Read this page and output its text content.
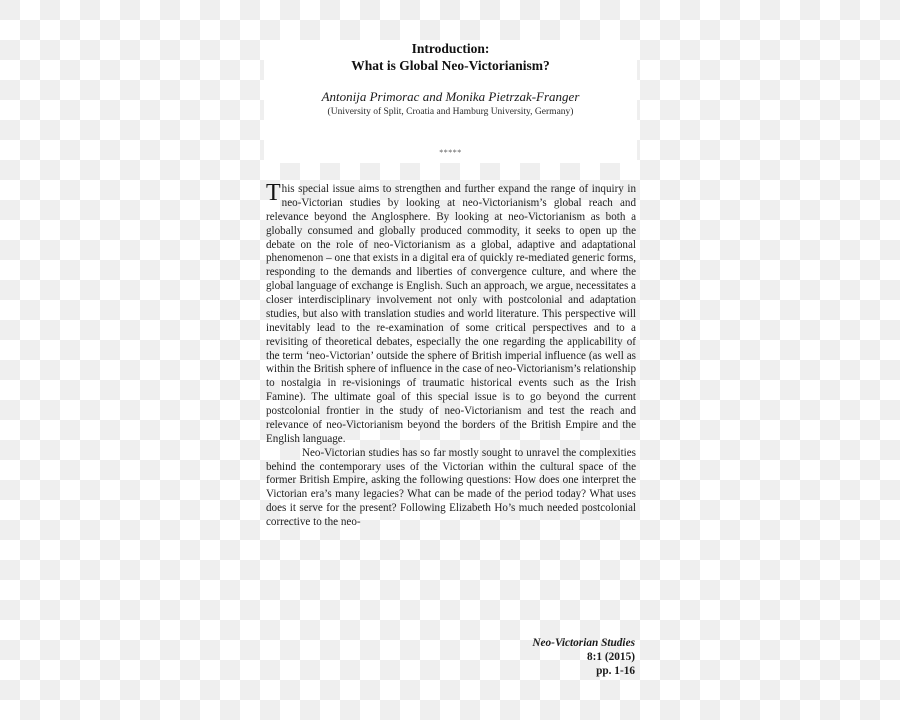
Introduction:
What is Global Neo-Victorianism?
Antonija Primorac and Monika Pietrzak-Franger
(University of Split, Croatia and Hamburg University, Germany)
*****

This special issue aims to strengthen and further expand the range of inquiry in neo-Victorian studies by looking at neo-Victorianism’s global reach and relevance beyond the Anglosphere. By looking at neo-Victorianism as both a globally consumed and globally produced commodity, it seeks to open up the debate on the role of neo-Victorianism as a global, adaptive and adaptational phenomenon – one that exists in a digital era of quickly re-mediated generic forms, responding to the demands and liberties of convergence culture, and where the global language of exchange is English. Such an approach, we argue, necessitates a closer interdisciplinary involvement not only with postcolonial and adaptation studies, but also with translation studies and world literature. This perspective will inevitably lead to the re-examination of some critical perspectives and to a revisiting of theoretical debates, especially the one regarding the applicability of the term ‘neo-Victorian’ outside the sphere of British imperial influence (as well as within the British sphere of influence in the case of neo-Victorianism’s relationship to nostalgia in re-visionings of traumatic historical events such as the Irish Famine). The ultimate goal of this special issue is to go beyond the current postcolonial frontier in the study of neo-Victorianism and test the reach and relevance of neo-Victorianism beyond the borders of the British Empire and the English language.

Neo-Victorian studies has so far mostly sought to unravel the complexities behind the contemporary uses of the Victorian within the cultural space of the former British Empire, asking the following questions: How does one interpret the Victorian era’s many legacies? What can be made of the period today? What uses does it serve for the present? Following Elizabeth Ho’s much needed postcolonial corrective to the neo-

Neo-Victorian Studies
8:1 (2015)
pp. 1-16
